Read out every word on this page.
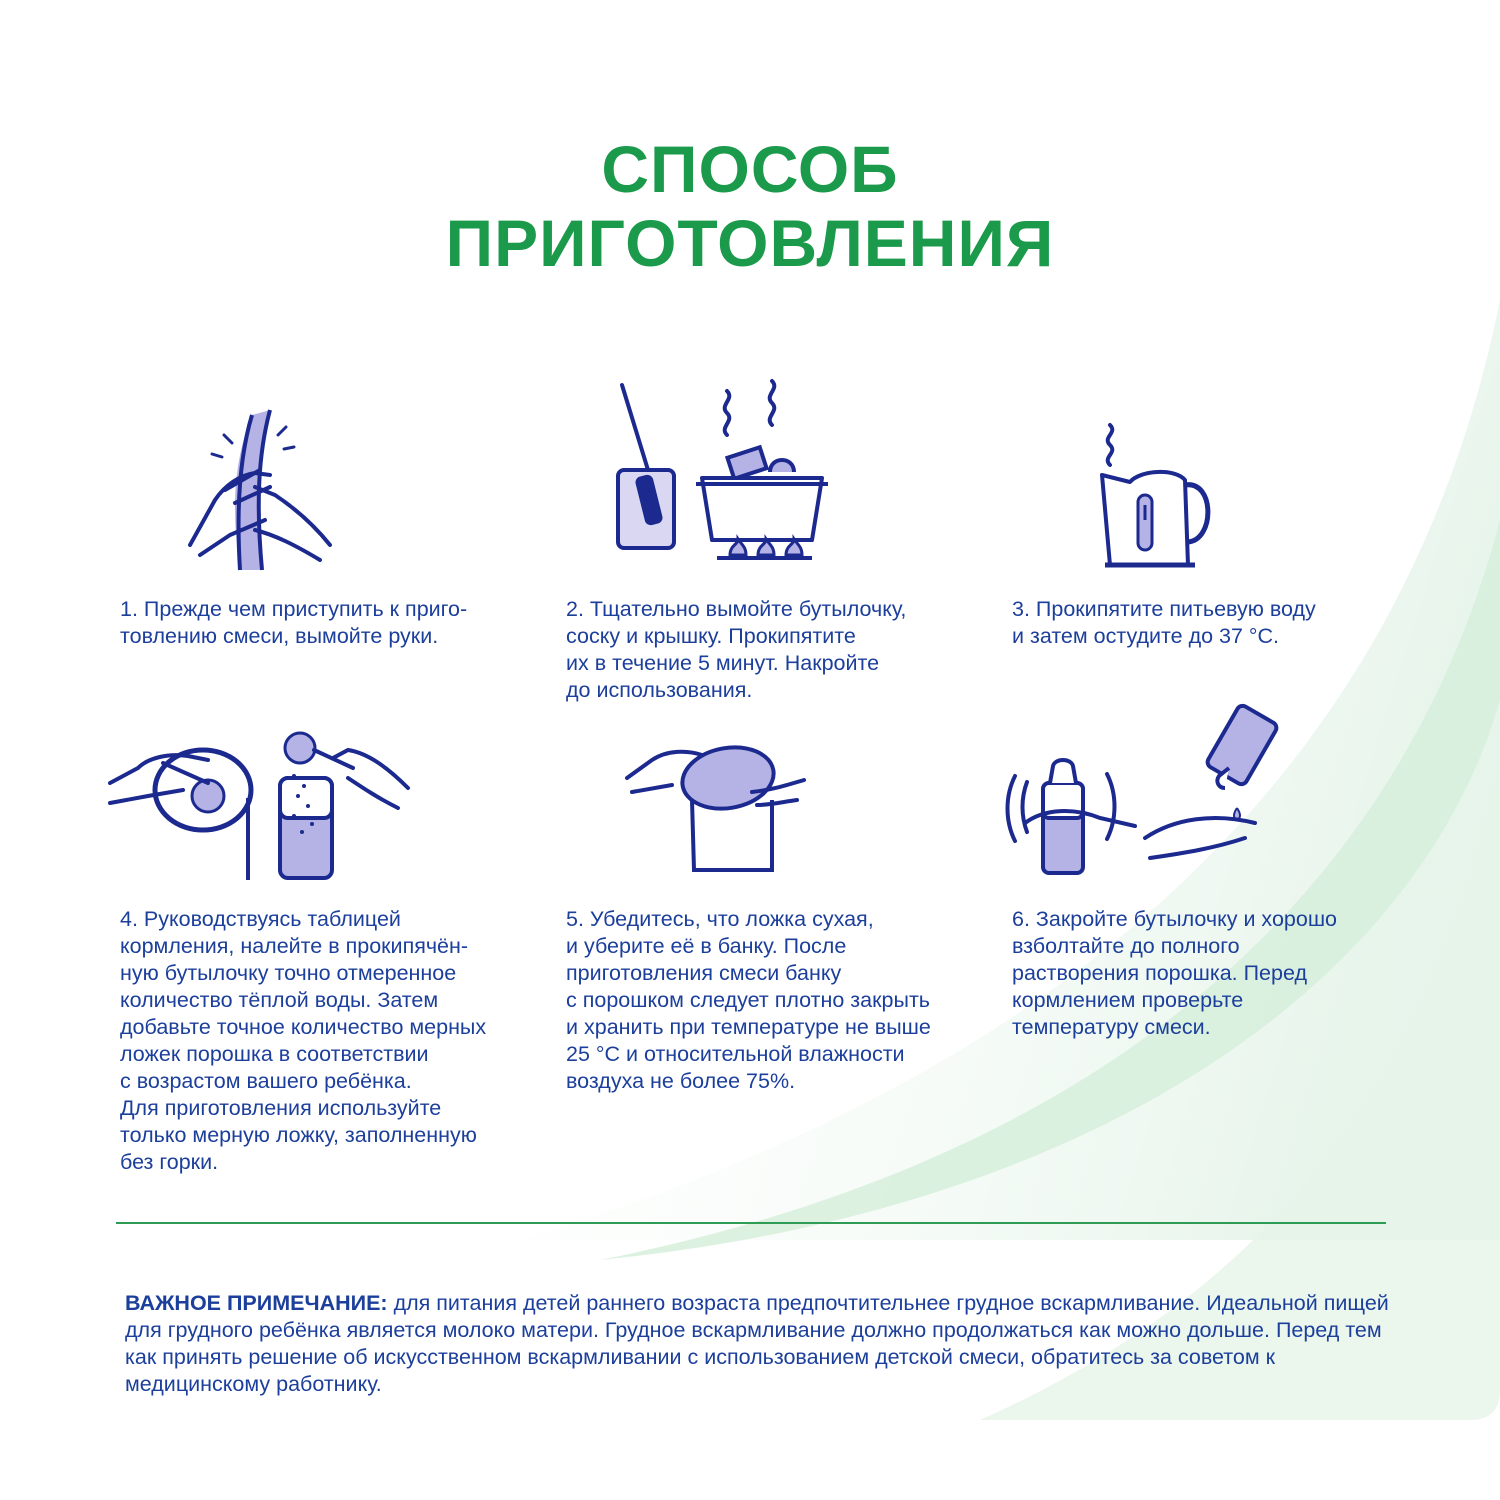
СПОСОБ
ПРИГОТОВЛЕНИЯ

1. Прежде чем приступить к приго-
товлению смеси, вымойте руки.

2. Тщательно вымойте бутылочку,
соску и крышку. Прокипятите
их в течение 5 минут. Накройте
до использования.

3. Прокипятите питьевую воду
и затем остудите до 37 °С.

4. Руководствуясь таблицей
кормления, налейте в прокипячён-
ную бутылочку точно отмеренное
количество тёплой воды. Затем
добавьте точное количество мерных
ложек порошка в соответствии
с возрастом вашего ребёнка.
Для приготовления используйте
только мерную ложку, заполненную
без горки.

5. Убедитесь, что ложка сухая,
и уберите её в банку. После
приготовления смеси банку
с порошком следует плотно закрыть
и хранить при температуре не выше
25 °С и относительной влажности
воздуха не более 75%.

6. Закройте бутылочку и хорошо
взболтайте до полного
растворения порошка. Перед
кормлением проверьте
температуру смеси.

ВАЖНОЕ ПРИМЕЧАНИЕ: для питания детей раннего возраста предпочтительнее грудное вскармливание. Идеальной пищей для грудного ребёнка является молоко матери. Грудное вскармливание должно продолжаться как можно дольше. Перед тем как принять решение об искусственном вскармливании с использованием детской смеси, обратитесь за советом к медицинскому работнику.
